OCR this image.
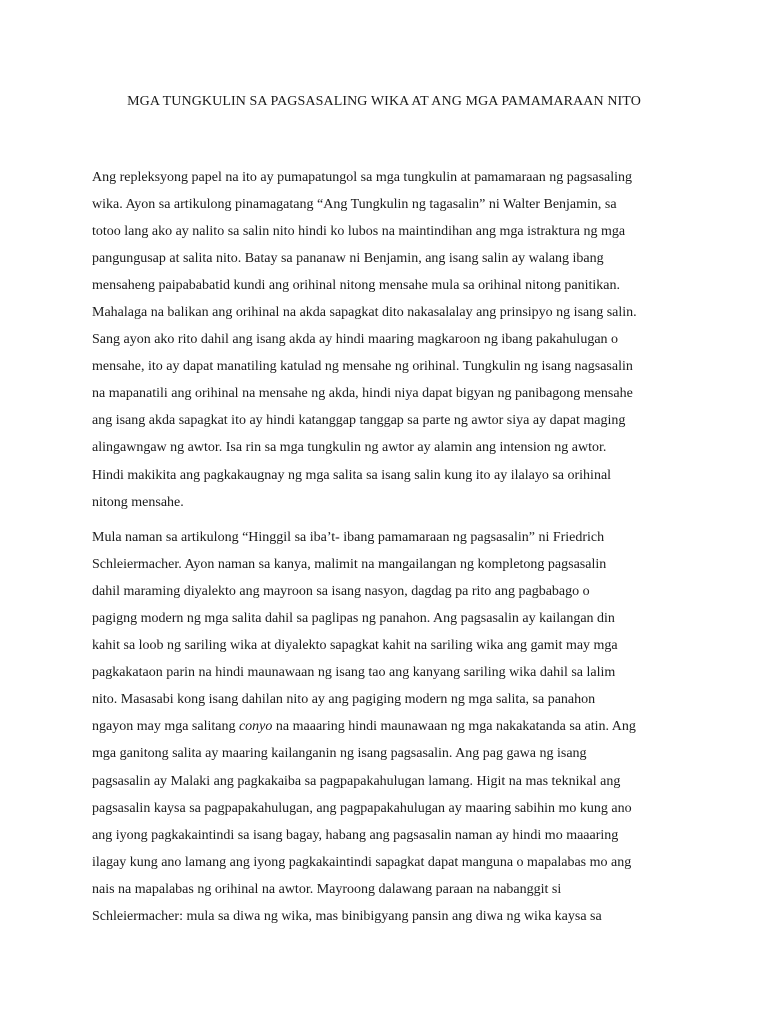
MGA TUNGKULIN SA PAGSASALING WIKA AT ANG MGA PAMAMARAAN NITO
Ang repleksyong papel na ito ay pumapatungol sa mga tungkulin at pamamaraan ng pagsasaling
wika. Ayon sa artikulong pinamagatang “Ang Tungkulin ng tagasalin” ni Walter Benjamin, sa
totoo lang ako ay nalito sa salin nito hindi ko lubos na maintindihan ang mga istraktura ng mga
pangungusap at salita nito. Batay sa pananaw ni Benjamin, ang isang salin ay walang ibang
mensaheng paipababatid kundi ang orihinal nitong mensahe mula sa orihinal nitong panitikan.
Mahalaga na balikan ang orihinal na akda sapagkat dito nakasalalay ang prinsipyo ng isang salin.
Sang ayon ako rito dahil ang isang akda ay hindi maaring magkaroon ng ibang pakahulugan o
mensahe, ito ay dapat manatiling katulad ng mensahe ng orihinal. Tungkulin ng isang nagsasalin
na mapanatili ang orihinal na mensahe ng akda, hindi niya dapat bigyan ng panibagong mensahe
ang isang akda sapagkat ito ay hindi katanggap tanggap sa parte ng awtor siya ay dapat maging
alingawngaw ng awtor. Isa rin sa mga tungkulin ng awtor ay alamin ang intension ng awtor.
Hindi makikita ang pagkakaugnay ng mga salita sa isang salin kung ito ay ilalayo sa orihinal
nitong mensahe.
Mula naman sa artikulong “Hinggil sa iba’t- ibang pamamaraan ng pagsasalin” ni Friedrich
Schleiermacher. Ayon naman sa kanya, malimit na mangailangan ng kompletong pagsasalin
dahil maraming diyalekto ang mayroon sa isang nasyon, dagdag pa rito ang pagbabago o
pagigng modern ng mga salita dahil sa paglipas ng panahon. Ang pagsasalin ay kailangan din
kahit sa loob ng sariling wika at diyalekto sapagkat kahit na sariling wika ang gamit may mga
pagkakataon parin na hindi maunawaan ng isang tao ang kanyang sariling wika dahil sa lalim
nito. Masasabi kong isang dahilan nito ay ang pagiging modern ng mga salita, sa panahon
ngayon may mga salitang conyo na maaaring hindi maunawaan ng mga nakakatanda sa atin. Ang
mga ganitong salita ay maaring kailanganin ng isang pagsasalin. Ang pag gawa ng isang
pagsasalin ay Malaki ang pagkakaiba sa pagpapakahulugan lamang. Higit na mas teknikal ang
pagsasalin kaysa sa pagpapakahulugan, ang pagpapakahulugan ay maaring sabihin mo kung ano
ang iyong pagkakaintindi sa isang bagay, habang ang pagsasalin naman ay hindi mo maaaring
ilagay kung ano lamang ang iyong pagkakaintindi sapagkat dapat manguna o mapalabas mo ang
nais na mapalabas ng orihinal na awtor. Mayroong dalawang paraan na nabanggit si
Schleiermacher: mula sa diwa ng wika, mas binibigyang pansin ang diwa ng wika kaysa sa
